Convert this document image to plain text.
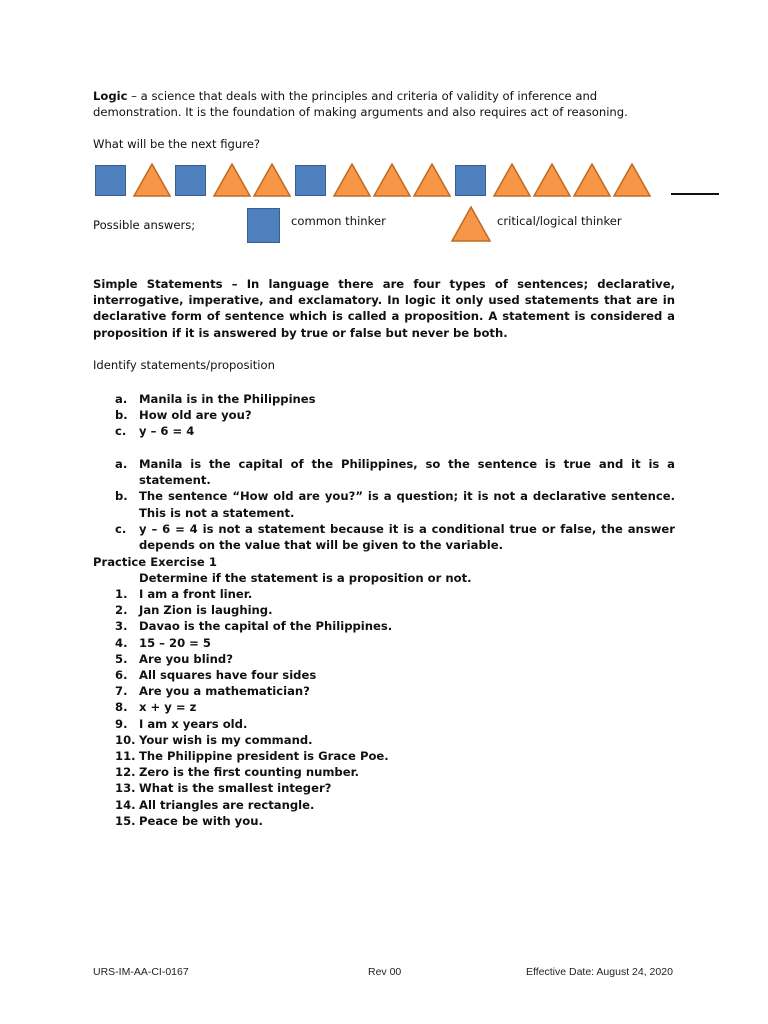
Logic – a science that deals with the principles and criteria of validity of inference and demonstration. It is the foundation of making arguments and also requires act of reasoning.

What will be the next figure?

Possible answers;	common thinker	critical/logical thinker

Simple Statements – In language there are four types of sentences; declarative, interrogative, imperative, and exclamatory. In logic it only used statements that are in declarative form of sentence which is called a proposition. A statement is considered a proposition if it is answered by true or false but never be both.

Identify statements/proposition

a. Manila is in the Philippines
b. How old are you?
c. y – 6 = 4
a. Manila is the capital of the Philippines, so the sentence is true and it is a statement.
b. The sentence “How old are you?” is a question; it is not a declarative sentence. This is not a statement.
c. y – 6 = 4 is not a statement because it is a conditional true or false, the answer depends on the value that will be given to the variable.

Practice Exercise 1

Determine if the statement is a proposition or not.

1. I am a front liner.
2. Jan Zion is laughing.
3. Davao is the capital of the Philippines.
4. 15 – 20 = 5
5. Are you blind?
6. All squares have four sides
7. Are you a mathematician?
8. x + y = z
9. I am x years old.
10. Your wish is my command.
11. The Philippine president is Grace Poe.
12. Zero is the first counting number.
13. What is the smallest integer?
14. All triangles are rectangle.
15. Peace be with you.
URS-IM-AA-CI-0167	Rev 00	Effective Date: August 24, 2020
